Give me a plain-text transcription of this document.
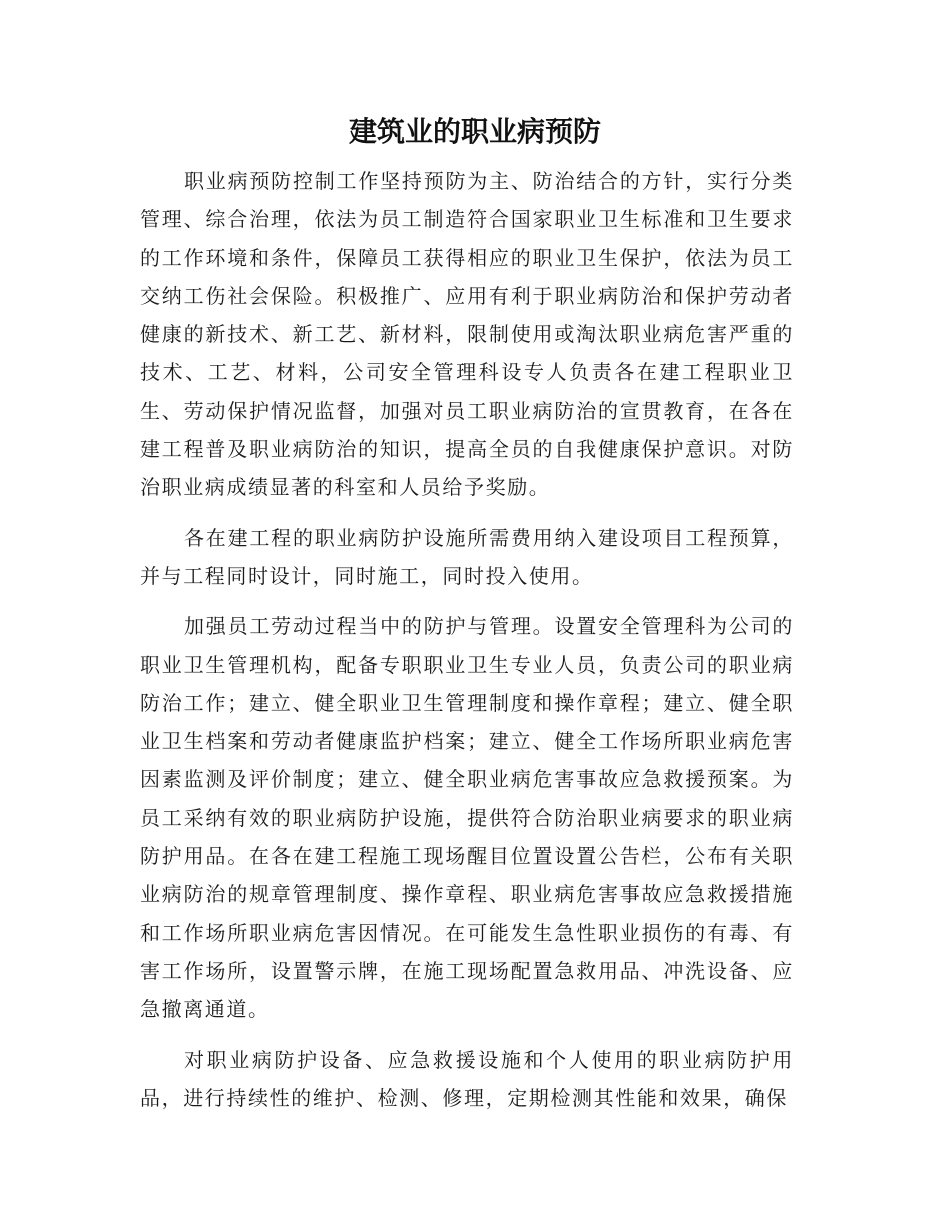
建筑业的职业病预防

职业病预防控制工作坚持预防为主、防治结合的方针，实行分类管理、综合治理，依法为员工制造符合国家职业卫生标准和卫生要求的工作环境和条件，保障员工获得相应的职业卫生保护，依法为员工交纳工伤社会保险。积极推广、应用有利于职业病防治和保护劳动者健康的新技术、新工艺、新材料，限制使用或淘汰职业病危害严重的技术、工艺、材料，公司安全管理科设专人负责各在建工程职业卫生、劳动保护情况监督，加强对员工职业病防治的宣贯教育，在各在建工程普及职业病防治的知识，提高全员的自我健康保护意识。对防治职业病成绩显著的科室和人员给予奖励。

各在建工程的职业病防护设施所需费用纳入建设项目工程预算，并与工程同时设计，同时施工，同时投入使用。

加强员工劳动过程当中的防护与管理。设置安全管理科为公司的职业卫生管理机构，配备专职职业卫生专业人员，负责公司的职业病防治工作；建立、健全职业卫生管理制度和操作章程；建立、健全职业卫生档案和劳动者健康监护档案；建立、健全工作场所职业病危害因素监测及评价制度；建立、健全职业病危害事故应急救援预案。为员工采纳有效的职业病防护设施，提供符合防治职业病要求的职业病防护用品。在各在建工程施工现场醒目位置设置公告栏，公布有关职业病防治的规章管理制度、操作章程、职业病危害事故应急救援措施和工作场所职业病危害因情况。在可能发生急性职业损伤的有毒、有害工作场所，设置警示牌，在施工现场配置急救用品、冲洗设备、应急撤离通道。

对职业病防护设备、应急救援设施和个人使用的职业病防护用品，进行持续性的维护、检测、修理，定期检测其性能和效果，确保
